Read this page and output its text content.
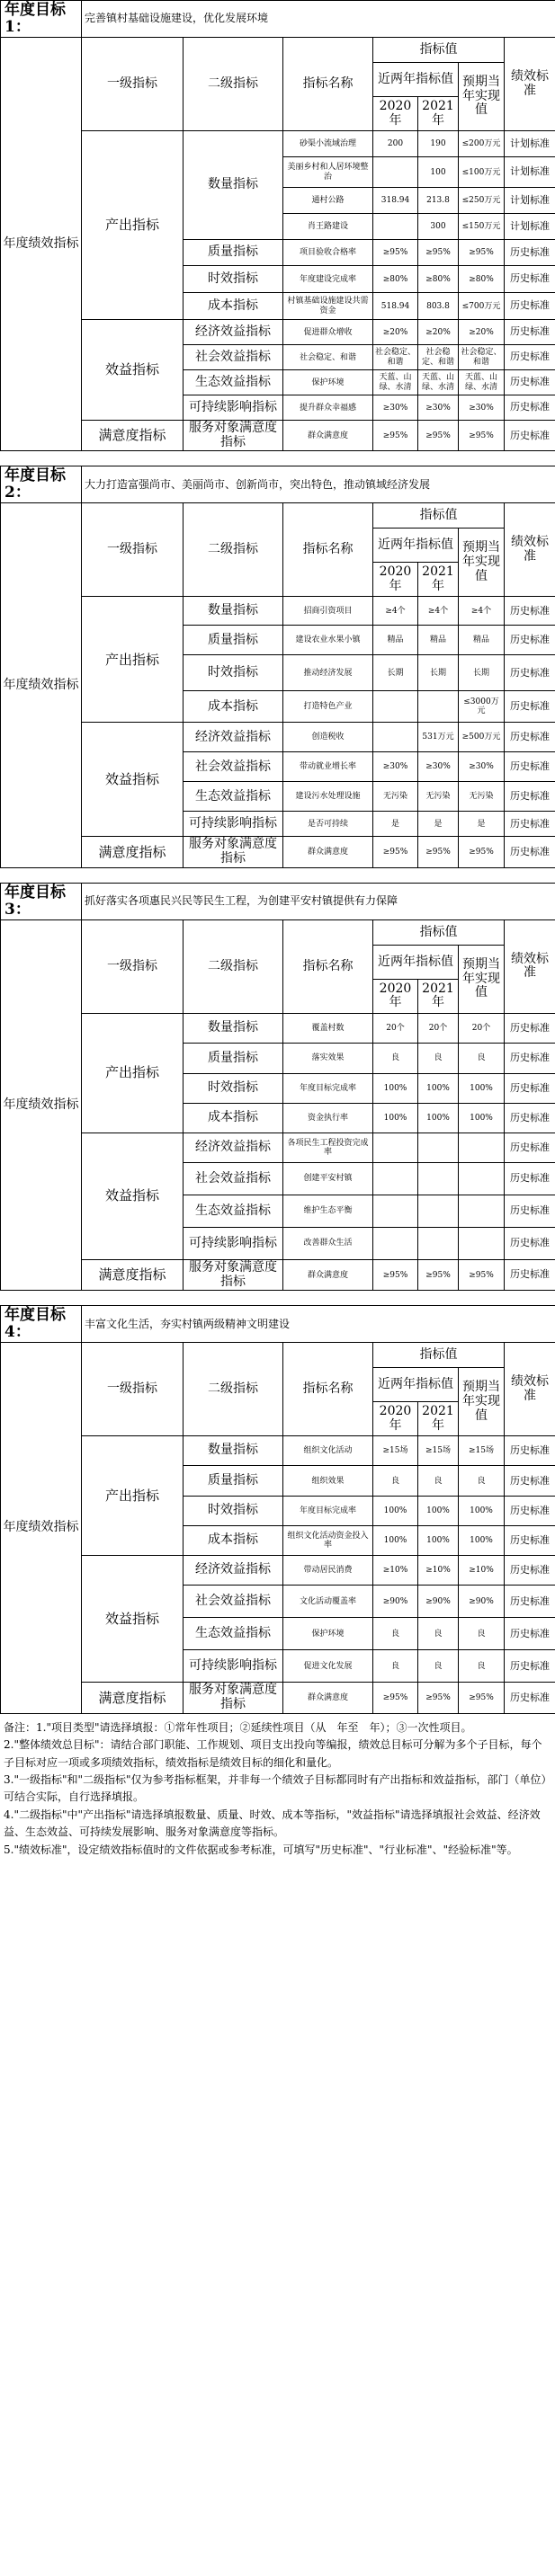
年度目标1：	完善镇村基础设施建设，优化发展环境						
年度绩效指标	一级指标	二级指标	指标名称	指标值			绩效标准
				近两年指标值		预期当年实现值	
				2020年	2021年		
	产出指标	数量指标	砂渠小流域治理	200	190	≤200万元	计划标准
			美丽乡村和人居环境整治		100	≤100万元	计划标准
			通村公路	318.94	213.8	≤250万元	计划标准
			肖王路建设		300	≤150万元	计划标准
		质量指标	项目验收合格率	≥95%	≥95%	≥95%	历史标准
		时效指标	年度建设完成率	≥80%	≥80%	≥80%	历史标准
		成本指标	村镇基础设施建设共需资金	518.94	803.8	≤700万元	历史标准
	效益指标	经济效益指标	促进群众增收	≥20%	≥20%	≥20%	历史标准
		社会效益指标	社会稳定、和谐	社会稳定、和谐	社会稳定、和谐	社会稳定、和谐	历史标准
		生态效益指标	保护环境	天蓝、山绿、水清	天蓝、山绿、水清	天蓝、山绿、水清	历史标准
		可持续影响指标	提升群众幸福感	≥30%	≥30%	≥30%	历史标准
	满意度指标	服务对象满意度指标	群众满意度	≥95%	≥95%	≥95%	历史标准
年度目标2：	大力打造富强尚市、美丽尚市、创新尚市，突出特色，推动镇域经济发展						
年度绩效指标	一级指标	二级指标	指标名称	指标值			绩效标准
				近两年指标值		预期当年实现值	
				2020年	2021年		
	产出指标	数量指标	招商引资项目	≥4个	≥4个	≥4个	历史标准
		质量指标	建设农业水果小镇	精品	精品	精品	历史标准
		时效指标	推动经济发展	长期	长期	长期	历史标准
		成本指标	打造特色产业			≤3000万元	历史标准
	效益指标	经济效益指标	创造税收		531万元	≥500万元	历史标准
		社会效益指标	带动就业增长率	≥30%	≥30%	≥30%	历史标准
		生态效益指标	建设污水处理设施	无污染	无污染	无污染	历史标准
		可持续影响指标	是否可持续	是	是	是	历史标准
	满意度指标	服务对象满意度指标	群众满意度	≥95%	≥95%	≥95%	历史标准
年度目标3：	抓好落实各项惠民兴民等民生工程，为创建平安村镇提供有力保障						
年度绩效指标	一级指标	二级指标	指标名称	指标值			绩效标准
				近两年指标值		预期当年实现值	
				2020年	2021年		
	产出指标	数量指标	覆盖村数	20个	20个	20个	历史标准
		质量指标	落实效果	良	良	良	历史标准
		时效指标	年度目标完成率	100%	100%	100%	历史标准
		成本指标	资金执行率	100%	100%	100%	历史标准
	效益指标	经济效益指标	各项民生工程投资完成率				历史标准
		社会效益指标	创建平安村镇				历史标准
		生态效益指标	维护生态平衡				历史标准
		可持续影响指标	改善群众生活				历史标准
	满意度指标	服务对象满意度指标	群众满意度	≥95%	≥95%	≥95%	历史标准
年度目标4：	丰富文化生活，夯实村镇两级精神文明建设						
年度绩效指标	一级指标	二级指标	指标名称	指标值			绩效标准
				近两年指标值		预期当年实现值	
				2020年	2021年		
	产出指标	数量指标	组织文化活动	≥15场	≥15场	≥15场	历史标准
		质量指标	组织效果	良	良	良	历史标准
		时效指标	年度目标完成率	100%	100%	100%	历史标准
		成本指标	组织文化活动资金投入率	100%	100%	100%	历史标准
	效益指标	经济效益指标	带动居民消费	≥10%	≥10%	≥10%	历史标准
		社会效益指标	文化活动覆盖率	≥90%	≥90%	≥90%	历史标准
		生态效益指标	保护环境	良	良	良	历史标准
		可持续影响指标	促进文化发展	良	良	良	历史标准
	满意度指标	服务对象满意度指标	群众满意度	≥95%	≥95%	≥95%	历史标准

备注：1."项目类型"请选择填报：①常年性项目；②延续性项目（从　年至　年）；③一次性项目。

2."整体绩效总目标"：请结合部门职能、工作规划、项目支出投向等编报，绩效总目标可分解为多个子目标，每个子目标对应一项或多项绩效指标，绩效指标是绩效目标的细化和量化。

3."一级指标"和"二级指标"仅为参考指标框架，并非每一个绩效子目标都同时有产出指标和效益指标，部门（单位）可结合实际，自行选择填报。

4."二级指标"中"产出指标"请选择填报数量、质量、时效、成本等指标，"效益指标"请选择填报社会效益、经济效益、生态效益、可持续发展影响、服务对象满意度等指标。

5."绩效标准"，设定绩效指标值时的文件依据或参考标准，可填写"历史标准"、"行业标准"、"经验标准"等。
